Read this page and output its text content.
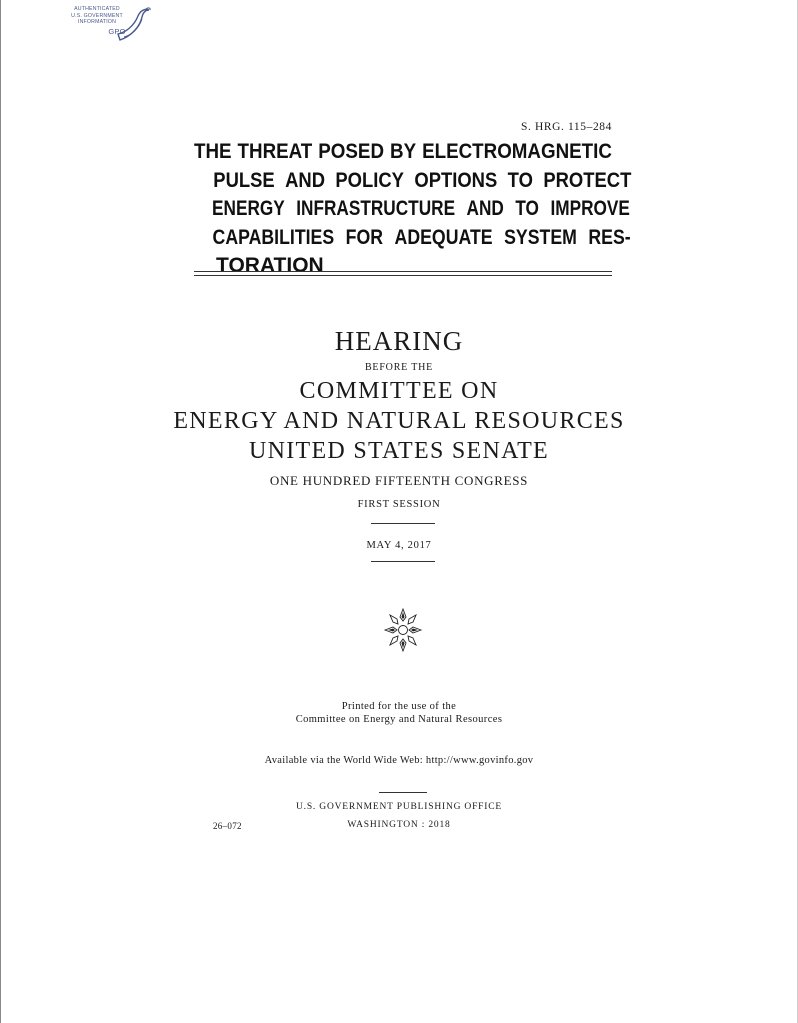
AUTHENTICATED
U.S. GOVERNMENT
INFORMATION
GPO
S. HRG. 115–284
THE THREAT POSED BY ELECTROMAGNETIC
PULSE AND POLICY OPTIONS TO PROTECT
ENERGY INFRASTRUCTURE AND TO IMPROVE
CAPABILITIES FOR ADEQUATE SYSTEM RES-
TORATION
HEARING
BEFORE THE
COMMITTEE ON
ENERGY AND NATURAL RESOURCES
UNITED STATES SENATE
ONE HUNDRED FIFTEENTH CONGRESS
FIRST SESSION
MAY 4, 2017
Printed for the use of the
Committee on Energy and Natural Resources
Available via the World Wide Web: http://www.govinfo.gov
U.S. GOVERNMENT PUBLISHING OFFICE
26–072	WASHINGTON : 2018
